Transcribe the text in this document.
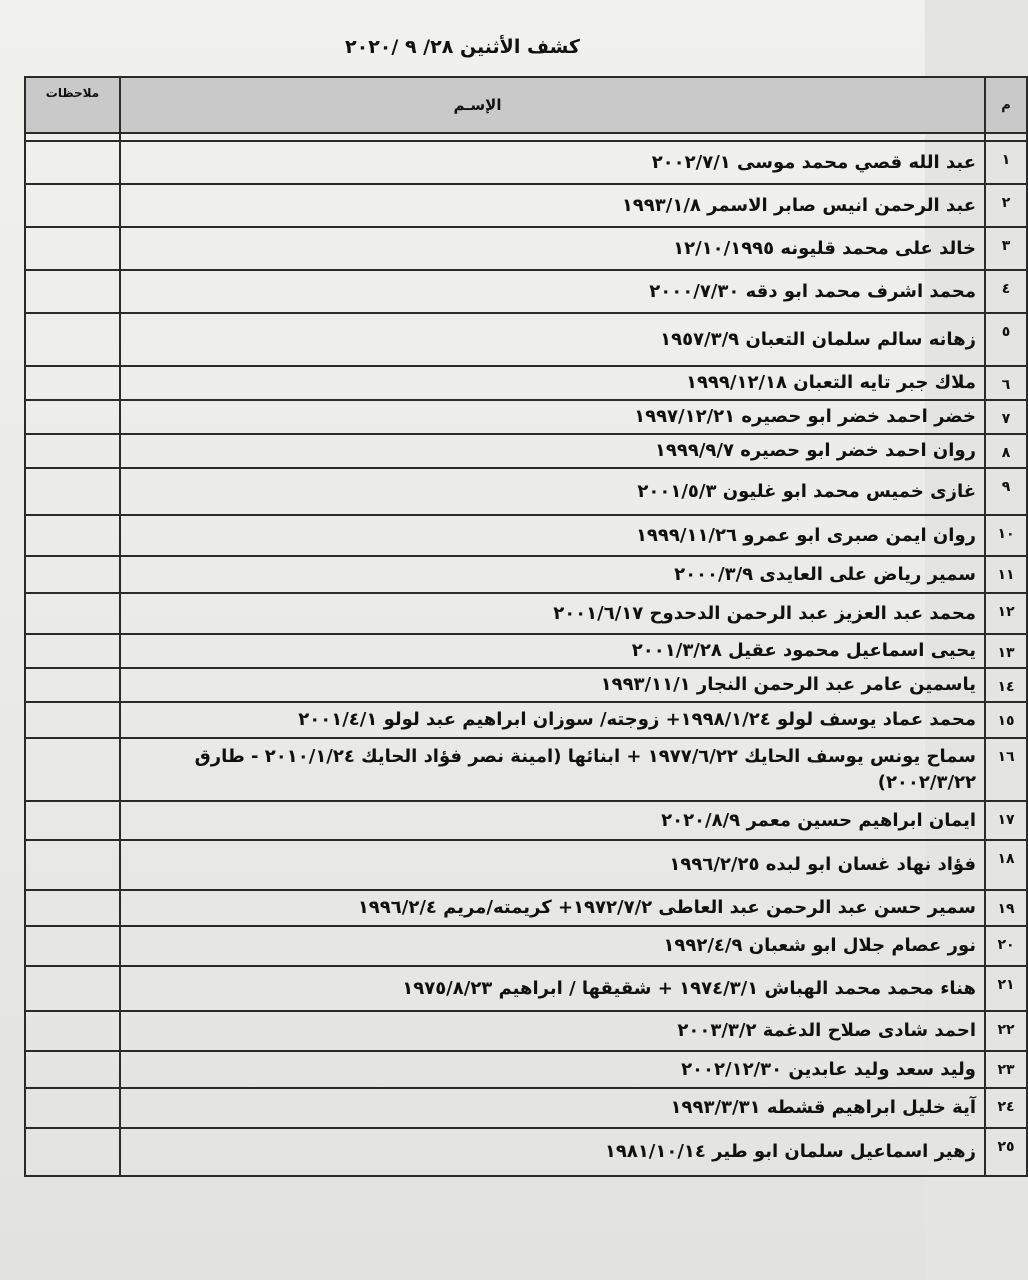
كشف الأثنين ٢٨/ ٩ /٢٠٢٠
م	الإسـم	ملاحظات

١	عبد الله قصي محمد موسى ٢٠٠٢/٧/١	
٢	عبد الرحمن انيس صابر الاسمر ١٩٩٣/١/٨	
٣	خالد على محمد قليونه ١٢/١٠/١٩٩٥	
٤	محمد اشرف محمد ابو دقه ٢٠٠٠/٧/٣٠	
٥	زهانه سالم سلمان التعبان ١٩٥٧/٣/٩	
٦	ملاك جبر تايه التعبان ١٩٩٩/١٢/١٨	
٧	خضر احمد خضر ابو حصيره ١٩٩٧/١٢/٢١	
٨	روان احمد خضر ابو حصيره ١٩٩٩/٩/٧	
٩	غازى خميس محمد ابو غليون ٢٠٠١/٥/٣	
١٠	روان ايمن صبرى ابو عمرو ١٩٩٩/١١/٢٦	
١١	سمير رياض على العايدى ٢٠٠٠/٣/٩	
١٢	محمد عبد العزيز عبد الرحمن الدحدوح ٢٠٠١/٦/١٧	
١٣	يحيى اسماعيل محمود عقيل ٢٠٠١/٣/٢٨	
١٤	ياسمين عامر عبد الرحمن النجار ١٩٩٣/١١/١	
١٥	محمد عماد يوسف لولو ١٩٩٨/١/٢٤+ زوجته/ سوزان ابراهيم عبد لولو ٢٠٠١/٤/١	
١٦	سماح يونس يوسف الحايك ١٩٧٧/٦/٢٢ + ابنائها (امينة نصر فؤاد الحايك ٢٠١٠/١/٢٤ - طارق ٢٠٠٢/٣/٢٢)	
١٧	ايمان ابراهيم حسين معمر ٢٠٢٠/٨/٩	
١٨	فؤاد نهاد غسان ابو لبده ١٩٩٦/٢/٢٥	
١٩	سمير حسن عبد الرحمن عبد العاطى ١٩٧٢/٧/٢+ كريمته/مريم ١٩٩٦/٢/٤	
٢٠	نور عصام جلال ابو شعبان ١٩٩٢/٤/٩	
٢١	هناء محمد محمد الهباش ١٩٧٤/٣/١ + شقيقها / ابراهيم ١٩٧٥/٨/٢٣	
٢٢	احمد شادى صلاح الدغمة ٢٠٠٣/٣/٢	
٢٣	وليد سعد وليد عابدين ٢٠٠٢/١٢/٣٠	
٢٤	آية خليل ابراهيم قشطه ١٩٩٣/٣/٣١	
٢٥	زهير اسماعيل سلمان ابو طير ١٩٨١/١٠/١٤	
